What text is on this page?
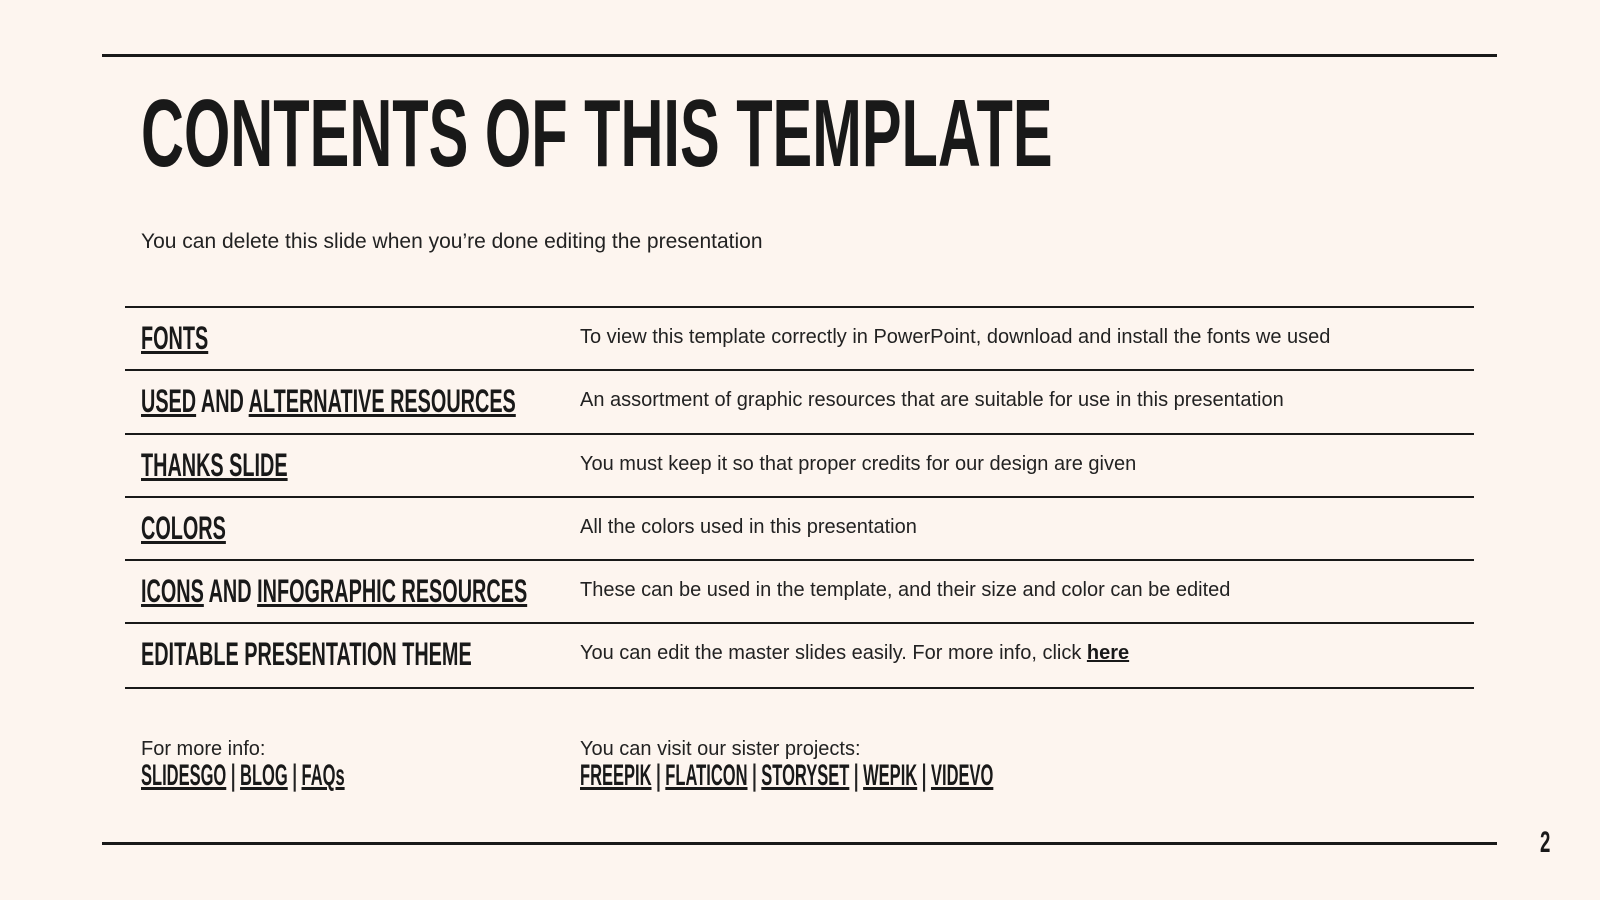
CONTENTS OF THIS TEMPLATE
You can delete this slide when you’re done editing the presentation
FONTS	To view this template correctly in PowerPoint, download and install the fonts we used
USED AND ALTERNATIVE RESOURCES	An assortment of graphic resources that are suitable for use in this presentation
THANKS SLIDE	You must keep it so that proper credits for our design are given
COLORS	All the colors used in this presentation
ICONS AND INFOGRAPHIC RESOURCES	These can be used in the template, and their size and color can be edited
EDITABLE PRESENTATION THEME	You can edit the master slides easily. For more info, click here
For more info:
SLIDESGO | BLOG | FAQs
You can visit our sister projects:
FREEPIK | FLATICON | STORYSET | WEPIK | VIDEVO
2
